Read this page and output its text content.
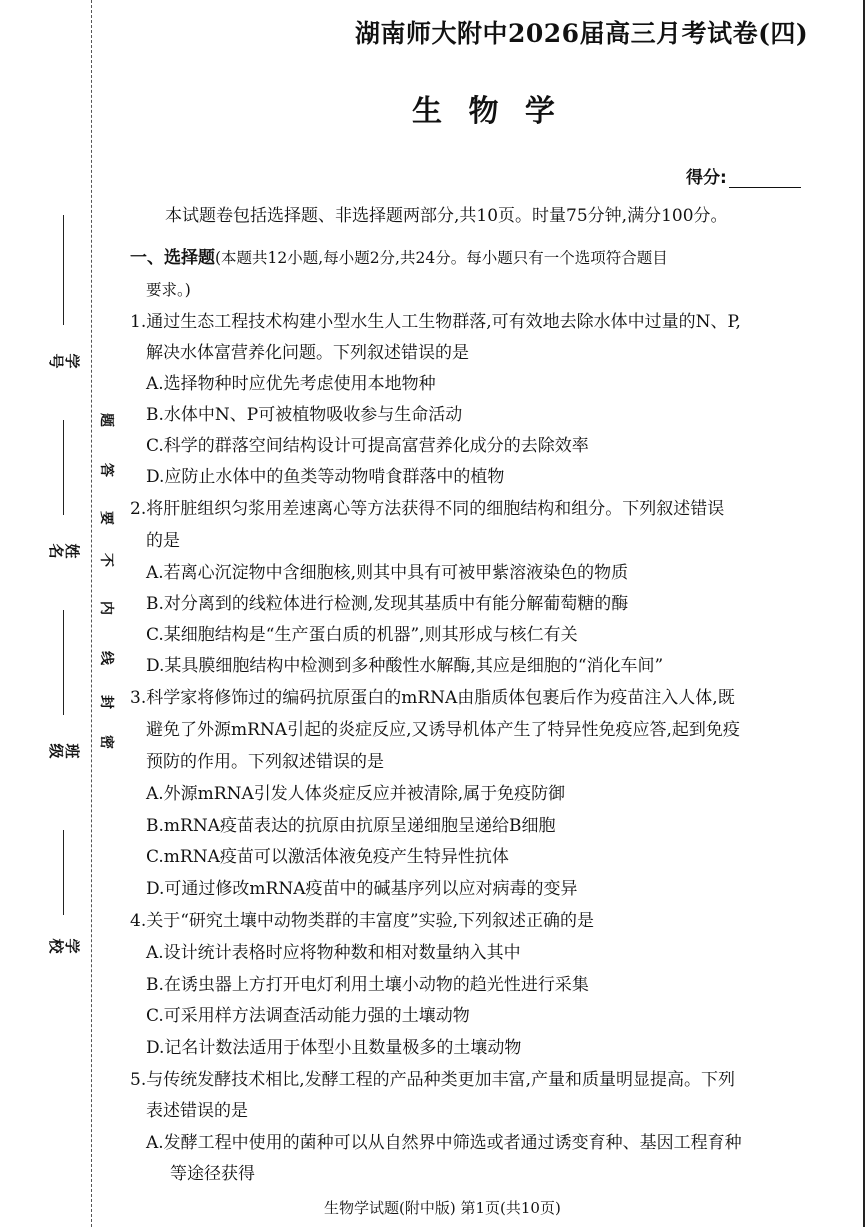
学 号
姓 名
班 级
学 校
题
答
要
不
内
线
封
密
湖南师大附中2026届高三月考试卷(四)
生 物 学
得分:
本试题卷包括选择题、非选择题两部分,共10页。时量75分钟,满分100分。
一、选择题(本题共12小题,每小题2分,共24分。每小题只有一个选项符合题目
要求。)
1.通过生态工程技术构建小型水生人工生物群落,可有效地去除水体中过量的N、P,
解决水体富营养化问题。下列叙述错误的是
A.选择物种时应优先考虑使用本地物种
B.水体中N、P可被植物吸收参与生命活动
C.科学的群落空间结构设计可提高富营养化成分的去除效率
D.应防止水体中的鱼类等动物啃食群落中的植物
2.将肝脏组织匀浆用差速离心等方法获得不同的细胞结构和组分。下列叙述错误
的是
A.若离心沉淀物中含细胞核,则其中具有可被甲紫溶液染色的物质
B.对分离到的线粒体进行检测,发现其基质中有能分解葡萄糖的酶
C.某细胞结构是“生产蛋白质的机器”,则其形成与核仁有关
D.某具膜细胞结构中检测到多种酸性水解酶,其应是细胞的“消化车间”
3.科学家将修饰过的编码抗原蛋白的mRNA由脂质体包裹后作为疫苗注入人体,既
避免了外源mRNA引起的炎症反应,又诱导机体产生了特异性免疫应答,起到免疫
预防的作用。下列叙述错误的是
A.外源mRNA引发人体炎症反应并被清除,属于免疫防御
B.mRNA疫苗表达的抗原由抗原呈递细胞呈递给B细胞
C.mRNA疫苗可以激活体液免疫产生特异性抗体
D.可通过修改mRNA疫苗中的碱基序列以应对病毒的变异
4.关于“研究土壤中动物类群的丰富度”实验,下列叙述正确的是
A.设计统计表格时应将物种数和相对数量纳入其中
B.在诱虫器上方打开电灯利用土壤小动物的趋光性进行采集
C.可采用样方法调查活动能力强的土壤动物
D.记名计数法适用于体型小且数量极多的土壤动物
5.与传统发酵技术相比,发酵工程的产品种类更加丰富,产量和质量明显提高。下列
表述错误的是
A.发酵工程中使用的菌种可以从自然界中筛选或者通过诱变育种、基因工程育种
等途径获得
生物学试题(附中版) 第1页(共10页)
